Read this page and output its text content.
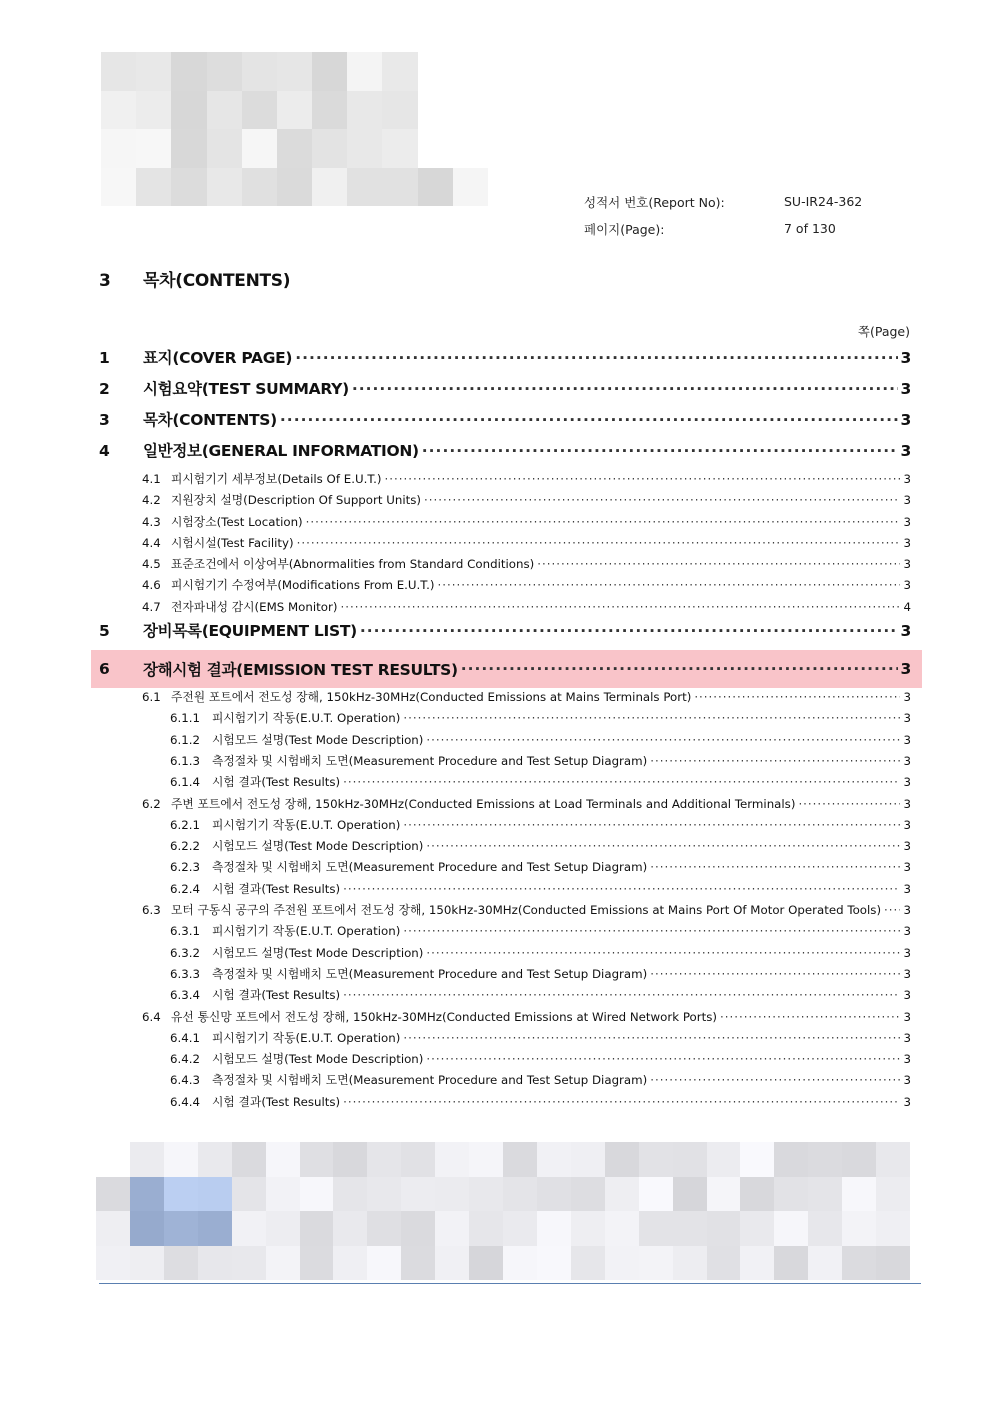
성적서 번호(Report No):	SU-IR24-362
페이지(Page):	7 of 130
3 목차(CONTENTS)
쪽(Page)
1	표지(COVER PAGE) ·····	3
2	시험요약(TEST SUMMARY) ·····	3
3	목차(CONTENTS) ·····	3
4	일반정보(GENERAL INFORMATION) ·····	3
4.1 피시험기기 세부정보(Details Of E.U.T.) ·····	3
4.2 지원장치 설명(Description Of Support Units) ·····	3
4.3 시험장소(Test Location) ·····	3
4.4 시험시설(Test Facility) ·····	3
4.5 표준조건에서 이상여부(Abnormalities from Standard Conditions) ·····	3
4.6 피시험기기 수정여부(Modifications From E.U.T.) ·····	3
4.7 전자파내성 감시(EMS Monitor) ·····	4
5	장비목록(EQUIPMENT LIST) ·····	3
6	장해시험 결과(EMISSION TEST RESULTS) ·····	3
6.1 주전원 포트에서 전도성 장해, 150kHz-30MHz(Conducted Emissions at Mains Terminals Port) ·····	3
6.1.1	피시험기기 작동(E.U.T. Operation) ·····	3
6.1.2	시험모드 설명(Test Mode Description) ·····	3
6.1.3	측정절차 및 시험배치 도면(Measurement Procedure and Test Setup Diagram) ·····	3
6.1.4	시험 결과(Test Results) ·····	3
6.2 주변 포트에서 전도성 장해, 150kHz-30MHz(Conducted Emissions at Load Terminals and Additional Terminals) ·····	3
6.2.1	피시험기기 작동(E.U.T. Operation) ·····	3
6.2.2	시험모드 설명(Test Mode Description) ·····	3
6.2.3	측정절차 및 시험배치 도면(Measurement Procedure and Test Setup Diagram) ·····	3
6.2.4	시험 결과(Test Results) ·····	3
6.3 모터 구동식 공구의 주전원 포트에서 전도성 장해, 150kHz-30MHz(Conducted Emissions at Mains Port Of Motor Operated Tools) ····· 3
6.3.1	피시험기기 작동(E.U.T. Operation) ·····	3
6.3.2	시험모드 설명(Test Mode Description) ·····	3
6.3.3	측정절차 및 시험배치 도면(Measurement Procedure and Test Setup Diagram) ·····	3
6.3.4	시험 결과(Test Results) ·····	3
6.4 유선 통신망 포트에서 전도성 장해, 150kHz-30MHz(Conducted Emissions at Wired Network Ports) ·····	3
6.4.1	피시험기기 작동(E.U.T. Operation) ·····	3
6.4.2	시험모드 설명(Test Mode Description) ·····	3
6.4.3	측정절차 및 시험배치 도면(Measurement Procedure and Test Setup Diagram) ·····	3
6.4.4	시험 결과(Test Results) ·····	3
